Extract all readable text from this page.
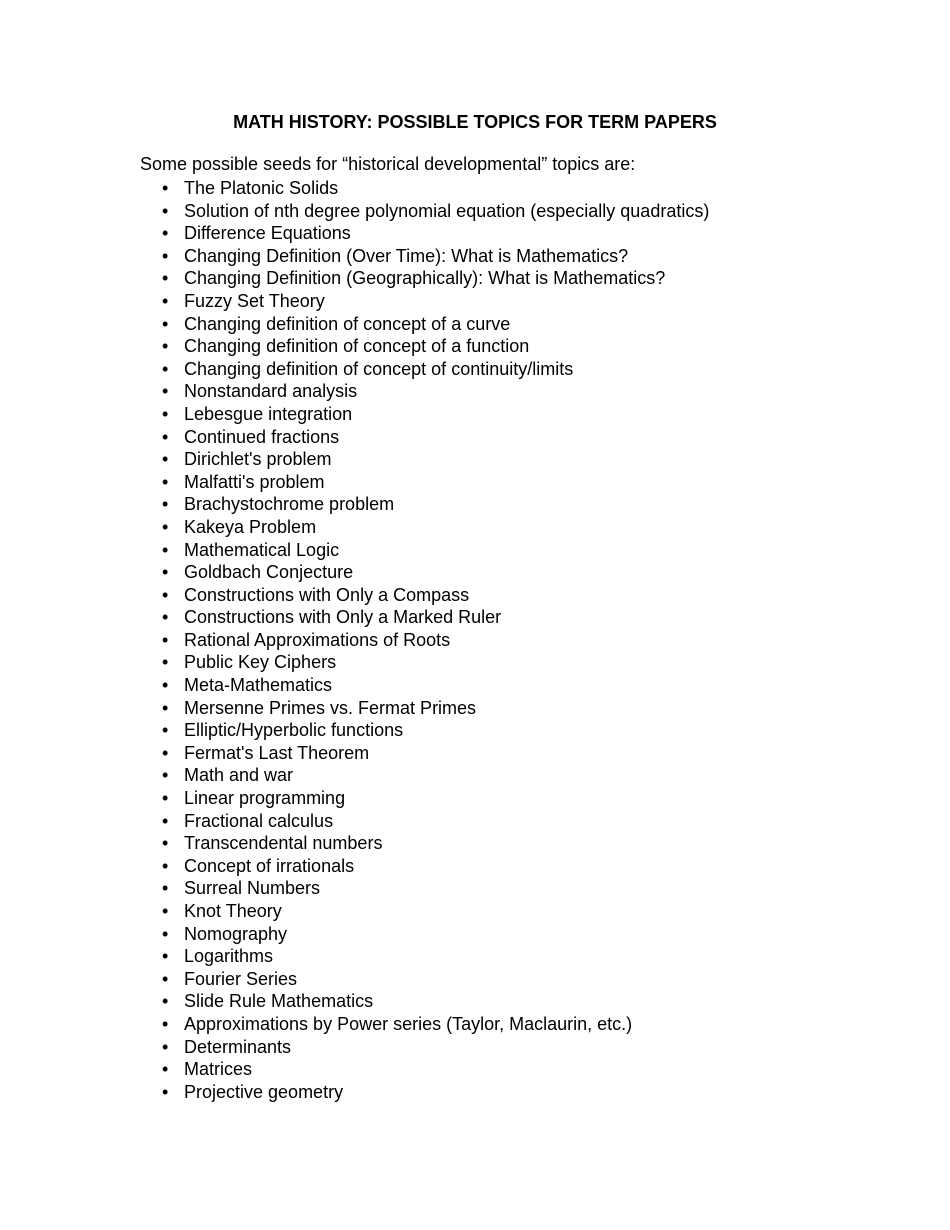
MATH HISTORY: POSSIBLE TOPICS FOR TERM PAPERS

Some possible seeds for “historical developmental” topics are:

• The Platonic Solids
• Solution of nth degree polynomial equation (especially quadratics)
• Difference Equations
• Changing Definition (Over Time): What is Mathematics?
• Changing Definition (Geographically): What is Mathematics?
• Fuzzy Set Theory
• Changing definition of concept of a curve
• Changing definition of concept of a function
• Changing definition of concept of continuity/limits
• Nonstandard analysis
• Lebesgue integration
• Continued fractions
• Dirichlet's problem
• Malfatti's problem
• Brachystochrome problem
• Kakeya Problem
• Mathematical Logic
• Goldbach Conjecture
• Constructions with Only a Compass
• Constructions with Only a Marked Ruler
• Rational Approximations of Roots
• Public Key Ciphers
• Meta-Mathematics
• Mersenne Primes vs. Fermat Primes
• Elliptic/Hyperbolic functions
• Fermat's Last Theorem
• Math and war
• Linear programming
• Fractional calculus
• Transcendental numbers
• Concept of irrationals
• Surreal Numbers
• Knot Theory
• Nomography
• Logarithms
• Fourier Series
• Slide Rule Mathematics
• Approximations by Power series (Taylor, Maclaurin, etc.)
• Determinants
• Matrices
• Projective geometry
